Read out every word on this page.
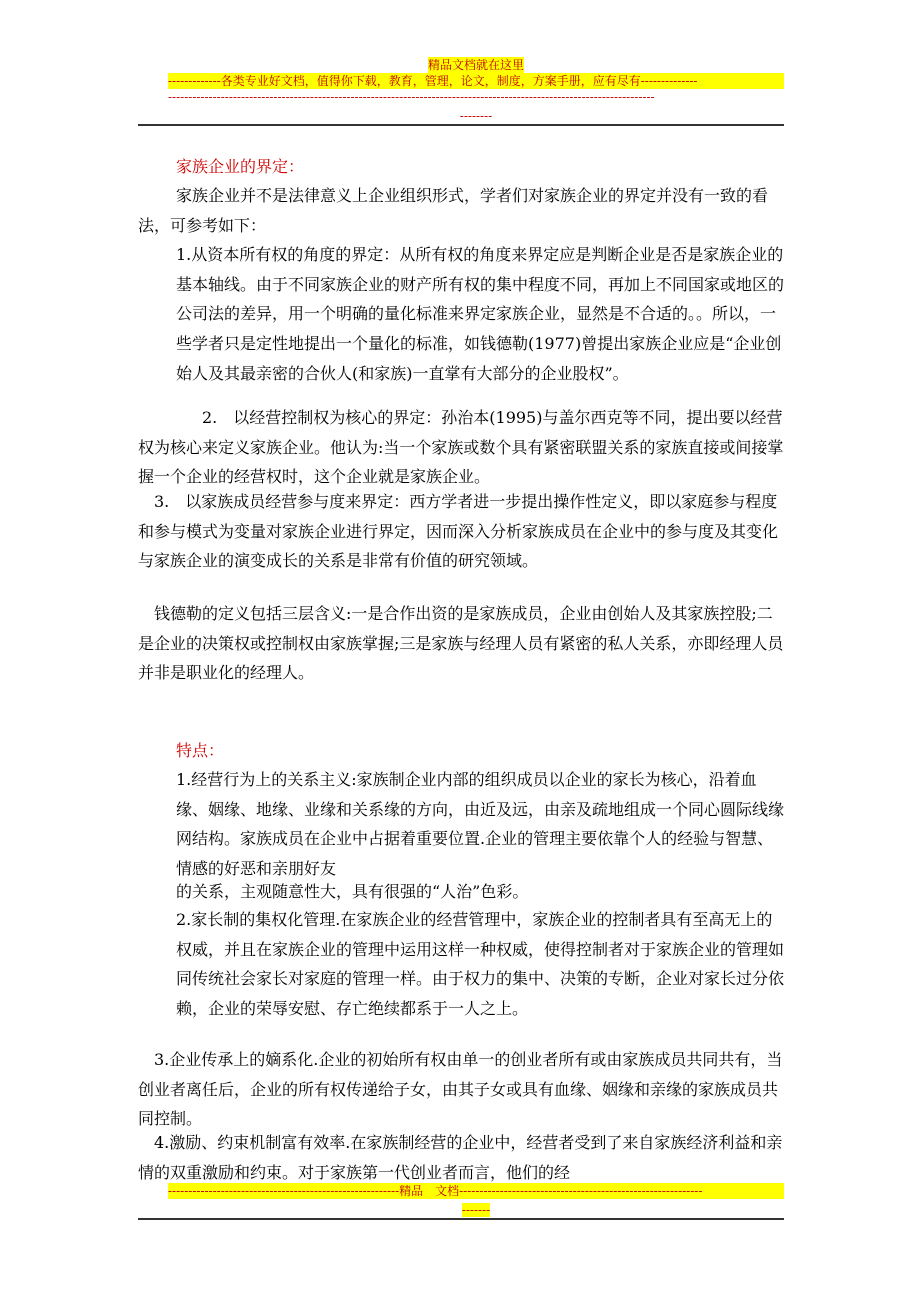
精品文档就在这里
-------------各类专业好文档，值得你下载，教育，管理，论文，制度，方案手册，应有尽有--------------
------------------------------------------------------------------------------------------------------------------------
--------

家族企业的界定：

家族企业并不是法律意义上企业组织形式，学者们对家族企业的界定并没有一致的看法，可参考如下：

1.从资本所有权的角度的界定：从所有权的角度来界定应是判断企业是否是家族企业的基本轴线。由于不同家族企业的财产所有权的集中程度不同，再加上不同国家或地区的公司法的差异，用一个明确的量化标准来界定家族企业，显然是不合适的。。所以，一些学者只是定性地提出一个量化的标准，如钱德勒(1977)曾提出家族企业应是“企业创始人及其最亲密的合伙人(和家族)一直掌有大部分的企业股权”。

2.　以经营控制权为核心的界定：孙治本(1995)与盖尔西克等不同，提出要以经营权为核心来定义家族企业。他认为:当一个家族或数个具有紧密联盟关系的家族直接或间接掌握一个企业的经营权时，这个企业就是家族企业。

3.　以家族成员经营参与度来界定：西方学者进一步提出操作性定义，即以家庭参与程度和参与模式为变量对家族企业进行界定，因而深入分析家族成员在企业中的参与度及其变化与家族企业的演变成长的关系是非常有价值的研究领域。

钱德勒的定义包括三层含义:一是合作出资的是家族成员，企业由创始人及其家族控股;二是企业的决策权或控制权由家族掌握;三是家族与经理人员有紧密的私人关系，亦即经理人员并非是职业化的经理人。

特点：

1.经营行为上的关系主义:家族制企业内部的组织成员以企业的家长为核心，沿着血缘、姻缘、地缘、业缘和关系缘的方向，由近及远，由亲及疏地组成一个同心圆际线缘网结构。家族成员在企业中占据着重要位置.企业的管理主要依靠个人的经验与智慧、情感的好恶和亲朋好友

的关系，主观随意性大，具有很强的“人治”色彩。

2.家长制的集权化管理.在家族企业的经营管理中，家族企业的控制者具有至高无上的权威，并且在家族企业的管理中运用这样一种权威，使得控制者对于家族企业的管理如同传统社会家长对家庭的管理一样。由于权力的集中、决策的专断，企业对家长过分依赖，企业的荣辱安慰、存亡绝续都系于一人之上。

3.企业传承上的嫡系化.企业的初始所有权由单一的创业者所有或由家族成员共同共有，当创业者离任后，企业的所有权传递给子女，由其子女或具有血缘、姻缘和亲缘的家族成员共同控制。

4.激励、约束机制富有效率.在家族制经营的企业中，经营者受到了来自家族经济利益和亲情的双重激励和约束。对于家族第一代创业者而言，他们的经

---------------------------------------------------------精品　文档------------------------------------------------------------
-------
